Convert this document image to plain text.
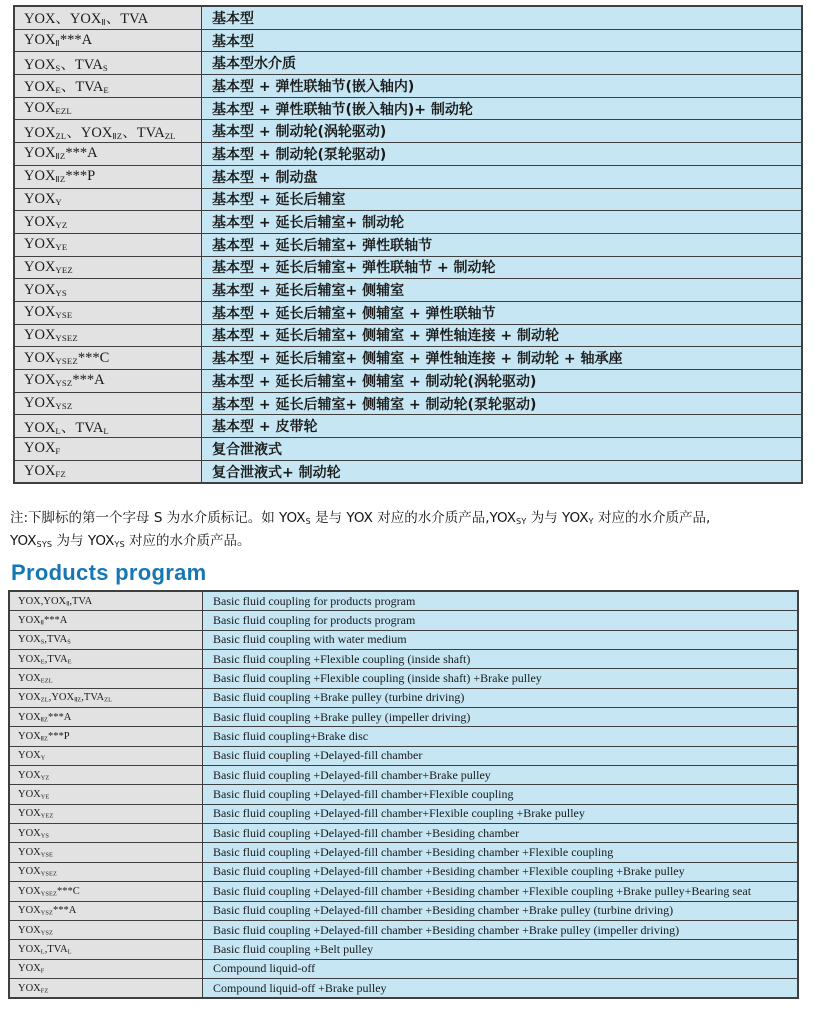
YOX、$YOX_Ⅱ$、TVA	基本型
$YOX_Ⅱ***A$	基本型
$YOX_S$、$TVA_S$	基本型水介质
$YOX_E$、$TVA_E$	基本型 + 弹性联轴节(嵌入轴内)
$YOX_{EZL}$	基本型 + 弹性联轴节(嵌入轴内)+ 制动轮
$YOX_{ZL}$、$YOX_{ⅡZ}$、$TVA_{ZL}$	基本型 + 制动轮(涡轮驱动)
$YOX_{ⅡZ}***A$	基本型 + 制动轮(泵轮驱动)
$YOX_{ⅡZ}***P$	基本型 + 制动盘
$YOX_Y$	基本型 + 延长后辅室
$YOX_{YZ}$	基本型 + 延长后辅室+ 制动轮
$YOX_{YE}$	基本型 + 延长后辅室+ 弹性联轴节
$YOX_{YEZ}$	基本型 + 延长后辅室+ 弹性联轴节 + 制动轮
$YOX_{YS}$	基本型 + 延长后辅室+ 侧辅室
$YOX_{YSE}$	基本型 + 延长后辅室+ 侧辅室 + 弹性联轴节
$YOX_{YSEZ}$	基本型 + 延长后辅室+ 侧辅室 + 弹性轴连接 + 制动轮
$YOX_{YSEZ}***C$	基本型 + 延长后辅室+ 侧辅室 + 弹性轴连接 + 制动轮 + 轴承座
$YOX_{YSZ}***A$	基本型 + 延长后辅室+ 侧辅室 + 制动轮(涡轮驱动)
$YOX_{YSZ}$	基本型 + 延长后辅室+ 侧辅室 + 制动轮(泵轮驱动)
$YOX_L$、$TVA_L$	基本型 + 皮带轮
$YOX_F$	复合泄液式
$YOX_{FZ}$	复合泄液式+ 制动轮

注:下脚标的第一个字母 S 为水介质标记。如 $YOX_S$ 是与 YOX 对应的水介质产品$,YOX_{SY}$ 为与 $YOX_Y$ 对应的水介质产品,
$YOX_{SYS}$ 为与 $YOX_{YS}$ 对应的水介质产品。

Products program
$YOX,YOX_Ⅱ,TVA$	Basic fluid coupling for products program
$YOX_Ⅱ***A$	Basic fluid coupling for products program
$YOX_S,TVA_S$	Basic fluid coupling with water medium
$YOX_E,TVA_E$	Basic fluid coupling +Flexible coupling (inside shaft)
$YOX_{EZL}$	Basic fluid coupling +Flexible coupling (inside shaft) +Brake pulley
$YOX_{ZL},YOX_{ⅡZ},TVA_{ZL}$	Basic fluid coupling +Brake pulley (turbine driving)
$YOX_{ⅡZ}***A$	Basic fluid coupling +Brake pulley (impeller driving)
$YOX_{ⅡZ}***P$	Basic fluid coupling+Brake disc
$YOX_Y$	Basic fluid coupling +Delayed-fill chamber
$YOX_{YZ}$	Basic fluid coupling +Delayed-fill chamber+Brake pulley
$YOX_{YE}$	Basic fluid coupling +Delayed-fill chamber+Flexible coupling
$YOX_{YEZ}$	Basic fluid coupling +Delayed-fill chamber+Flexible coupling +Brake pulley
$YOX_{YS}$	Basic fluid coupling +Delayed-fill chamber +Besiding chamber
$YOX_{YSE}$	Basic fluid coupling +Delayed-fill chamber +Besiding chamber +Flexible coupling
$YOX_{YSEZ}$	Basic fluid coupling +Delayed-fill chamber +Besiding chamber +Flexible coupling +Brake pulley
$YOX_{YSEZ}***C$	Basic fluid coupling +Delayed-fill chamber +Besiding chamber +Flexible coupling +Brake pulley+Bearing seat
$YOX_{YSZ}***A$	Basic fluid coupling +Delayed-fill chamber +Besiding chamber +Brake pulley (turbine driving)
$YOX_{YSZ}$	Basic fluid coupling +Delayed-fill chamber +Besiding chamber +Brake pulley (impeller driving)
$YOX_L,TVA_L$	Basic fluid coupling +Belt pulley
$YOX_F$	Compound liquid-off
$YOX_{FZ}$	Compound liquid-off +Brake pulley
